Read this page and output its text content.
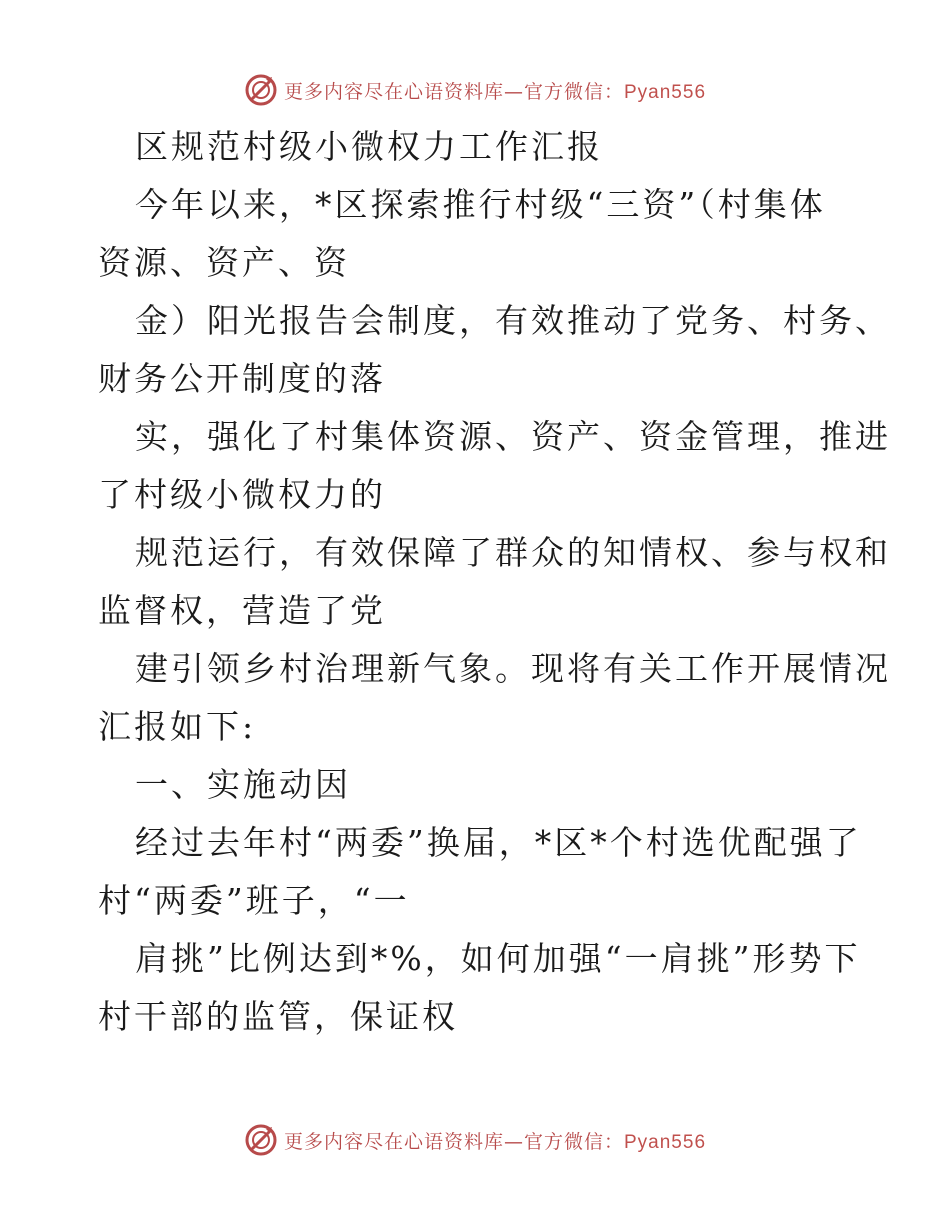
更多内容尽在心语资料库—官方微信：Pyan556
区规范村级小微权力工作汇报
今年以来，*区探索推行村级“三资”（村集体
资源、资产、资
金）阳光报告会制度，有效推动了党务、村务、
财务公开制度的落
实，强化了村集体资源、资产、资金管理，推进
了村级小微权力的
规范运行，有效保障了群众的知情权、参与权和
监督权，营造了党
建引领乡村治理新气象。现将有关工作开展情况
汇报如下:
一、实施动因
经过去年村“两委”换届，*区*个村选优配强了
村“两委”班子，“一
肩挑”比例达到*%，如何加强“一肩挑”形势下
村干部的监管，保证权
更多内容尽在心语资料库—官方微信：Pyan556
